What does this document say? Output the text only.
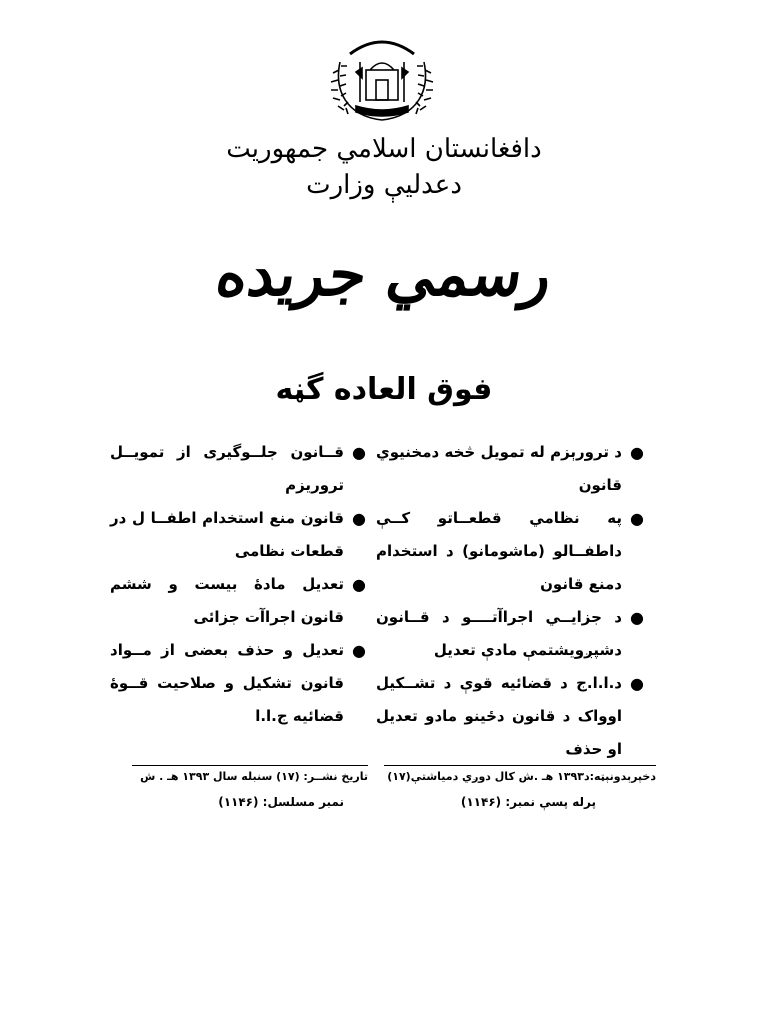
دافغانستان اسلامي جمهوريت
دعدليې وزارت
رسمي جريده
فوق العاده گڼه
●
د ترورېزم له تمويل څخه دمخنيوي قانون
●
په نظامي قطعــاتو کــې داطفــالو (ماشومانو) د استخدام دمنع قانون
●
د جزايــي اجراآتــــو د قــانون دشپږويشتمې مادې تعديل
●
د.ا.ا.ج د قضائيه قوې د تشــکيل اوواک د قانون دځينو مادو تعديل او حذف
●
قــانون جلــوگيری از تمويــل تروريزم
●
قانون منع استخدام اطفــا ل در قطعات نظامی
●
تعديل مادۀ بيست و ششم قانون اجراآت جزائی
●
تعديل و حذف بعضی از مــواد قانون تشکيل و صلاحيت قــوۀ قضائيه ج.ا.ا
دخپرېدونېټه:د۱۳۹۳ هـ .ش کال دوږي دمياشتې(۱۷)
پرله پسې نمبر: (۱۱۴۶)
تاريخ نشــر: (۱۷) سنبله سال ۱۳۹۳ هـ . ش
نمبر مسلسل: (۱۱۴۶)
